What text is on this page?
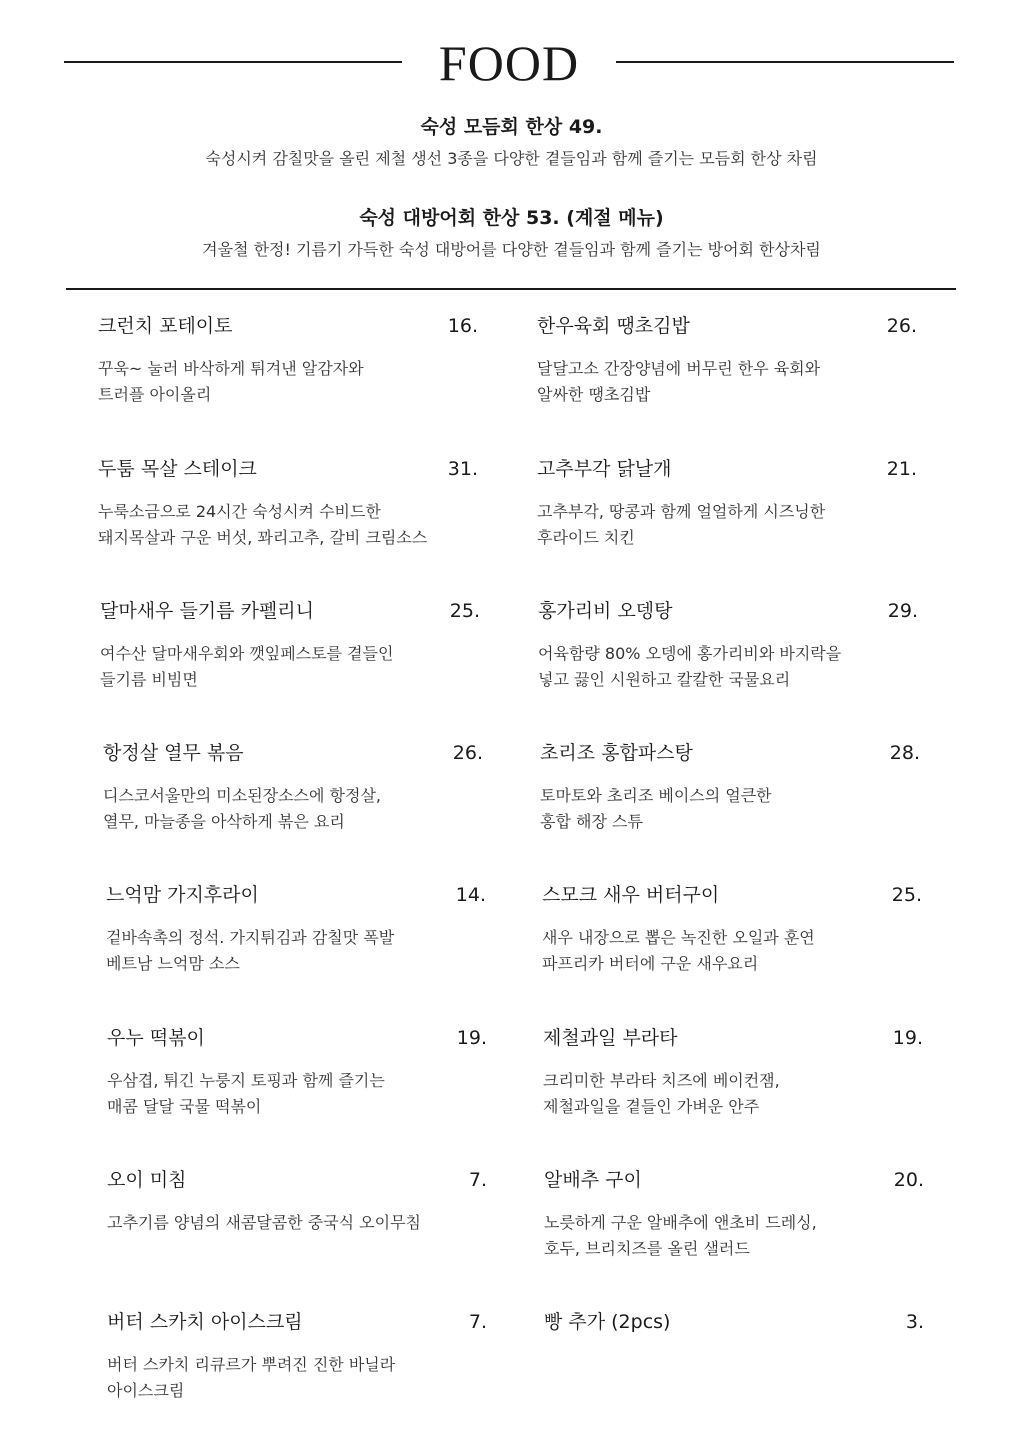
FOOD
숙성 모듬회 한상 49.
숙성시켜 감칠맛을 올린 제철 생선 3종을 다양한 곁들임과 함께 즐기는 모듬회 한상 차림
숙성 대방어회 한상 53. (계절 메뉴)
겨울철 한정! 기름기 가득한 숙성 대방어를 다양한 곁들임과 함께 즐기는 방어회 한상차림
크런치 포테이토	16.
꾸욱~ 눌러 바삭하게 튀겨낸 알감자와
트러플 아이올리
두툼 목살 스테이크	31.
누룩소금으로 24시간 숙성시켜 수비드한
돼지목살과 구운 버섯, 꽈리고추, 갈비 크림소스
달마새우 들기름 카펠리니	25.
여수산 달마새우회와 깻잎페스토를 곁들인
들기름 비빔면
항정살 열무 볶음	26.
디스코서울만의 미소된장소스에 항정살,
열무, 마늘종을 아삭하게 볶은 요리
느억맘 가지후라이	14.
겉바속촉의 정석. 가지튀김과 감칠맛 폭발
베트남 느억맘 소스
우누 떡볶이	19.
우삼겹, 튀긴 누룽지 토핑과 함께 즐기는
매콤 달달 국물 떡볶이
오이 미침	7.
고추기름 양념의 새콤달콤한 중국식 오이무침
버터 스카치 아이스크림	7.
버터 스카치 리큐르가 뿌려진 진한 바닐라
아이스크림
한우육회 땡초김밥	26.
달달고소 간장양념에 버무린 한우 육회와
알싸한 땡초김밥
고추부각 닭날개	21.
고추부각, 땅콩과 함께 얼얼하게 시즈닝한
후라이드 치킨
홍가리비 오뎅탕	29.
어육함량 80% 오뎅에 홍가리비와 바지락을
넣고 끓인 시원하고 칼칼한 국물요리
초리조 홍합파스탕	28.
토마토와 초리조 베이스의 얼큰한
홍합 해장 스튜
스모크 새우 버터구이	25.
새우 내장으로 뽑은 녹진한 오일과 훈연
파프리카 버터에 구운 새우요리
제철과일 부라타	19.
크리미한 부라타 치즈에 베이컨잼,
제철과일을 곁들인 가벼운 안주
알배추 구이	20.
노릇하게 구운 알배추에 앤초비 드레싱,
호두, 브리치즈를 올린 샐러드
빵 추가 (2pcs)	3.
